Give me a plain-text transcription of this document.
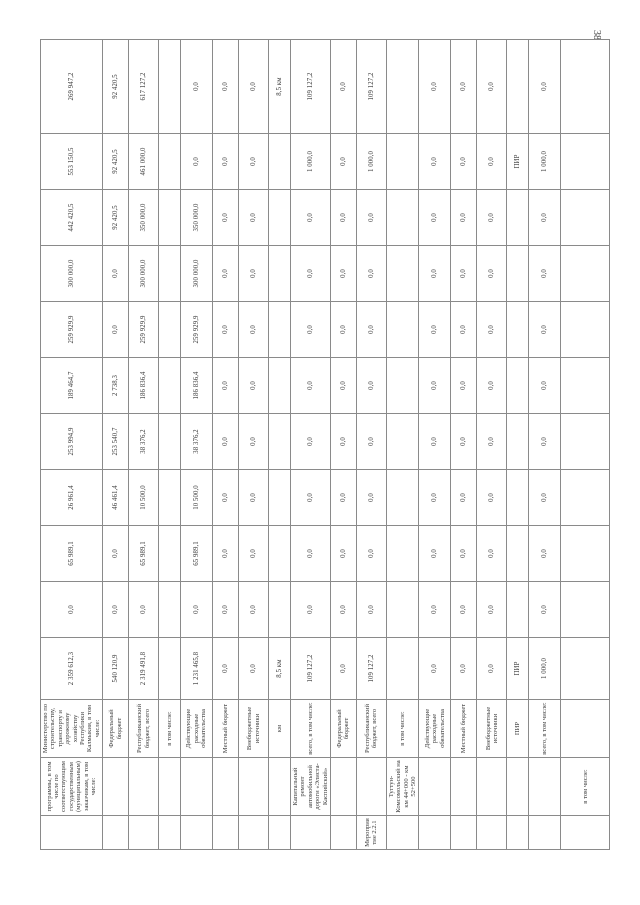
38
	программы, в том числе по соответствующим государственным (муниципальным) заказчикам, в том числе:	Министерство по строительству, транспорту и дорожному хозяйству Республики Калмыкия, в том числе:	2 359 612,3	0,0	65 989,1	26 961,4	253 994,9	189 464,7	259 929,9	300 000,0	442 420,5	553 150,5	269 947,2
		Федеральный бюджет	540 120,9	0,0	0,0	46 461,4	253 540,7	2 738,3	0,0	0,0	92 420,5	92 420,5	92 420,5
		Республиканский бюджет, всего	2 319 491,8	0,0	65 989,1	10 500,0	38 376,2	186 836,4	259 929,9	300 000,0	350 000,0	461 000,0	617 127,2
		в том числе:											
		Действующие расходные обязательства	1 231 465,8	0,0	65 989,1	10 500,0	38 376,2	186 836,4	259 929,9	300 000,0	350 000,0	0,0	0,0
		Местный бюджет	0,0	0,0	0,0	0,0	0,0	0,0	0,0	0,0	0,0	0,0	0,0
		Внебюджетные источники	0,0	0,0	0,0	0,0	0,0	0,0	0,0	0,0	0,0	0,0	0,0
		км	8,5 км										8,5 км
	Капитальный ремонт автомобильной дороги «Элиста-Каспийский»	всего, в том числе:	109 127,2	0,0	0,0	0,0	0,0	0,0	0,0	0,0	0,0	1 000,0	109 127,2
		Федеральный бюджет	0,0	0,0	0,0	0,0	0,0	0,0	0,0	0,0	0,0	0,0	0,0
Мероприятие 2.2.1		Республиканский бюджет, всего	109 127,2	0,0	0,0	0,0	0,0	0,0	0,0	0,0	0,0	1 000,0	109 127,2
	Тугтун-Комсомольский на км 44+000 - км 52+500	в том числе:											
		Действующие расходные обязательства	0,0	0,0	0,0	0,0	0,0	0,0	0,0	0,0	0,0	0,0	0,0
		Местный бюджет	0,0	0,0	0,0	0,0	0,0	0,0	0,0	0,0	0,0	0,0	0,0
		Внебюджетные источники	0,0	0,0	0,0	0,0	0,0	0,0	0,0	0,0	0,0	0,0	0,0
		ПИР	ПИР									ПИР	
		всего, в том числе:	1 000,0	0,0	0,0	0,0	0,0	0,0	0,0	0,0	0,0	1 000,0	0,0
	в том числе:												
